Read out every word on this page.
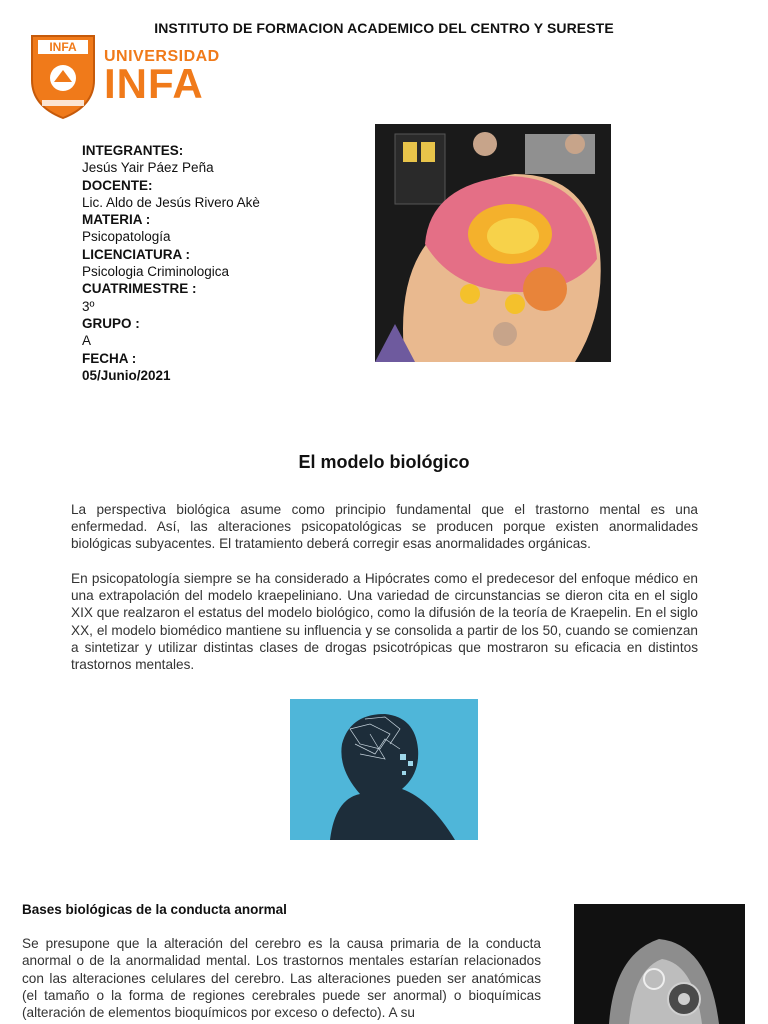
INSTITUTO DE FORMACION ACADEMICO DEL CENTRO Y SURESTE
INFA
UNIVERSIDAD
INFA
INTEGRANTES:
Jesús Yair Páez Peña
DOCENTE:
Lic. Aldo de Jesús Rivero Akè
MATERIA :
Psicopatología
LICENCIATURA :
Psicologia Criminologica
CUATRIMESTRE :
3º
GRUPO :
A
FECHA :
05/Junio/2021
El modelo biológico
La perspectiva biológica asume como principio fundamental que el trastorno mental es una enfermedad. Así, las alteraciones psicopatológicas se producen porque existen anormalidades biológicas subyacentes. El tratamiento deberá corregir esas anormalidades orgánicas.
En psicopatología siempre se ha considerado a Hipócrates como el predecesor del enfoque médico en una extrapolación del modelo kraepeliniano. Una variedad de circunstancias se dieron cita en el siglo XIX que realzaron el estatus del modelo biológico, como la difusión de la teoría de Kraepelin. En el siglo XX, el modelo biomédico mantiene su influencia y se consolida a partir de los 50, cuando se comienzan a sintetizar y utilizar distintas clases de drogas psicotrópicas que mostraron su eficacia en distintos trastornos mentales.
Bases biológicas de la conducta anormal
Se presupone que la alteración del cerebro es la causa primaria de la conducta anormal o de la anormalidad mental. Los trastornos mentales estarían relacionados con las alteraciones celulares del cerebro. Las alteraciones pueden ser anatómicas (el tamaño o la forma de regiones cerebrales puede ser anormal) o bioquímicas (alteración de elementos bioquímicos por exceso o defecto). A su
